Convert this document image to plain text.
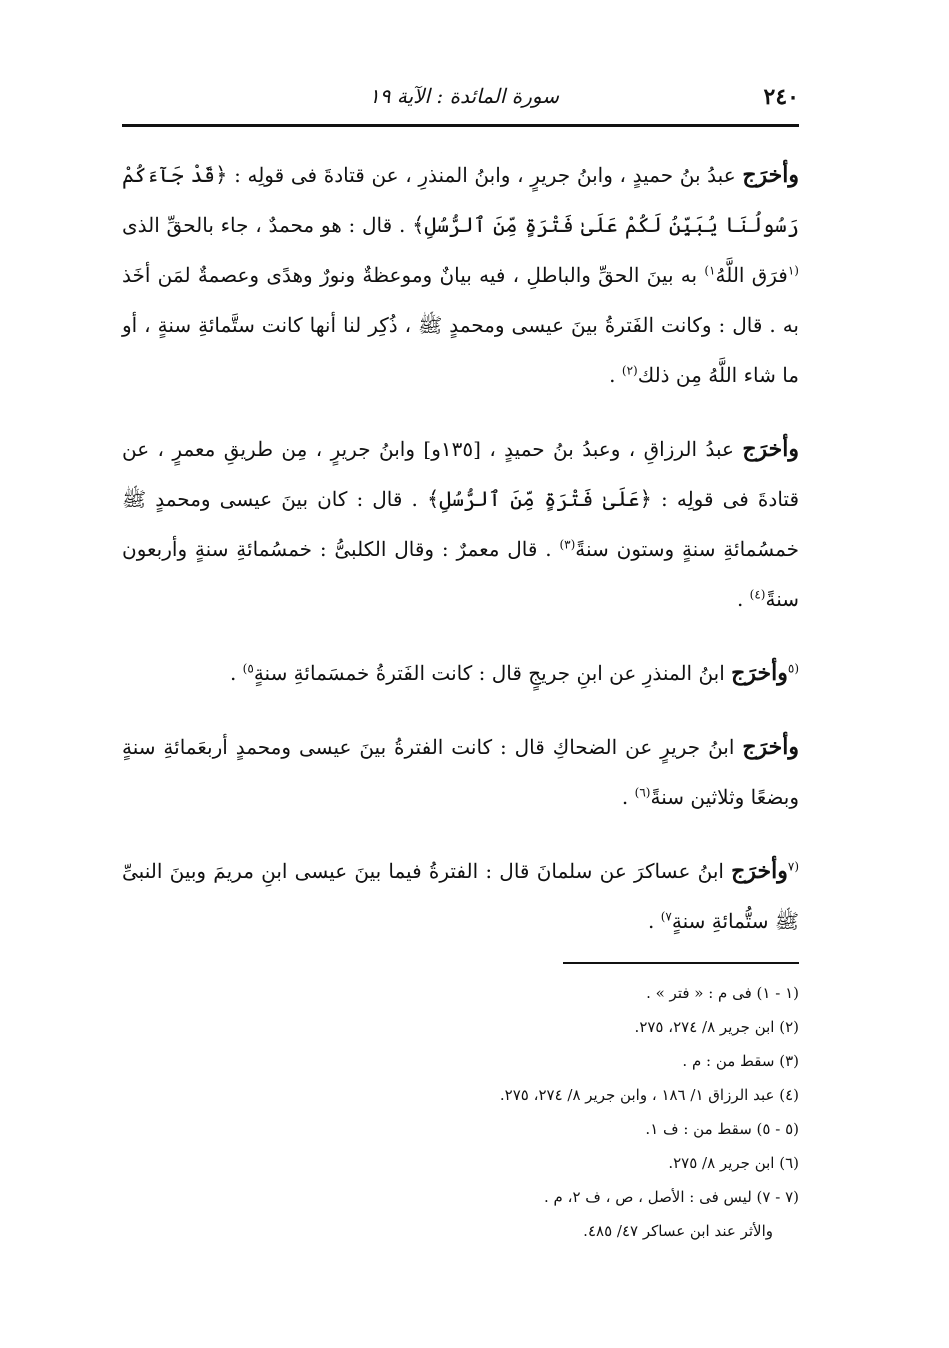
٢٤٠
سورة المائدة : الآية ١٩

وأخرَج عبدُ بنُ حميدٍ ، وابنُ جريرٍ ، وابنُ المنذرِ ، عن قتادةَ فى قولِه : ﴿قَدْ جَآءَكُمْ رَسُولُنَا يُبَيِّنُ لَكُمْ عَلَىٰ فَتْرَةٍ مِّنَ ٱلرُّسُلِ﴾ . قال : هو محمدٌ ، جاء بالحقِّ الذى $^{(١}$فرَق اللَّهُ$^{١)}$ به بينَ الحقِّ والباطلِ ، فيه بيانٌ وموعظةٌ ونورٌ وهدًى وعصمةٌ لمَن أخَذ به . قال : وكانت الفَترةُ بينَ عيسى ومحمدٍ ﷺ ، ذُكِر لنا أنها كانت ستَّمائةِ سنةٍ ، أو ما شاء اللَّهُ مِن ذلك$^{(٢)}$ .

وأخرَج عبدُ الرزاقِ ، وعبدُ بنُ حميدٍ ، [١٣٥و] وابنُ جريرٍ ، مِن طريقِ معمرٍ ، عن قتادةَ فى قولِه : ﴿عَلَىٰ فَتْرَةٍ مِّنَ ٱلرُّسُلِ﴾ . قال : كان بينَ عيسى ومحمدٍ ﷺ خمسُمائةِ سنةٍ وستون سنةً$^{(٣)}$ . قال معمرٌ : وقال الكلبىُّ : خمسُمائةِ سنةٍ وأربعون سنةً$^{(٤)}$ .

$^{(٥}$وأخرَج ابنُ المنذرِ عن ابنِ جريجٍ قال : كانت الفَترةُ خمسَمائةِ سنةٍ$^{٥)}$ .

وأخرَج ابنُ جريرٍ عن الضحاكِ قال : كانت الفترةُ بينَ عيسى ومحمدٍ أربعَمائةِ سنةٍ وبضعًا وثلاثين سنةً$^{(٦)}$ .

$^{(٧}$وأخرَج ابنُ عساكرَ عن سلمانَ قال : الفترةُ فيما بينَ عيسى ابنِ مريمَ وبينَ النبىِّ ﷺ ستُّمائةِ سنةٍ$^{٧)}$ .

(١ - ١) فى م : « فتر » .

(٢) ابن جرير ٨/ ٢٧٤، ٢٧٥.

(٣) سقط من : م .

(٤) عبد الرزاق ١/ ١٨٦ ، وابن جرير ٨/ ٢٧٤، ٢٧٥.

(٥ - ٥) سقط من : ف ١.

(٦) ابن جرير ٨/ ٢٧٥.

(٧ - ٧) ليس فى : الأصل ، ص ، ف ٢، م .

والأثر عند ابن عساكر ٤٧/ ٤٨٥.
